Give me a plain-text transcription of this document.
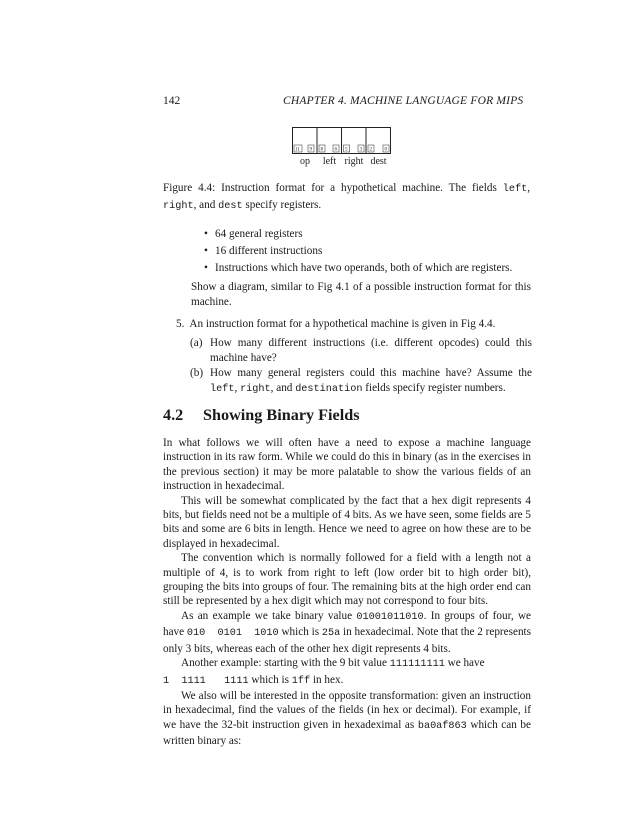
142	CHAPTER 4. MACHINE LANGUAGE FOR MIPS
11 9 8 6 5 3 2	0
op left right dest
Figure 4.4: Instruction format for a hypothetical machine. The fields left,
right, and dest specify registers.
• 64 general registers
• 16 different instructions
• Instructions which have two operands, both of which are registers.
Show a diagram, similar to Fig 4.1 of a possible instruction format for this machine.
5. An instruction format for a hypothetical machine is given in Fig 4.4.
(a) How many different instructions (i.e. different opcodes) could this machine have?
(b) How many general registers could this machine have? Assume the
left, right, and destination fields specify register numbers.
4.2 Showing Binary Fields
In what follows we will often have a need to expose a machine language instruction in its raw form. While we could do this in binary (as in the exercises in the previous section) it may be more palatable to show the various fields of an instruction in hexadecimal.
This will be somewhat complicated by the fact that a hex digit represents 4 bits, but fields need not be a multiple of 4 bits. As we have seen, some fields are 5 bits and some are 6 bits in length. Hence we need to agree on how these are to be displayed in hexadecimal.
The convention which is normally followed for a field with a length not a multiple of 4, is to work from right to left (low order bit to high order bit), grouping the bits into groups of four. The remaining bits at the high order end can still be represented by a hex digit which may not correspond to four bits.
As an example we take binary value 01001011010. In groups of four, we have 010  0101  1010 which is 25a in hexadecimal. Note that the 2 represents only 3 bits, whereas each of the other hex digit represents 4 bits.
Another example: starting with the 9 bit value 111111111 we have
1  1111   1111 which is 1ff in hex.
We also will be interested in the opposite transformation: given an instruction in hexadecimal, find the values of the fields (in hex or decimal). For example, if we have the 32-bit instruction given in hexadeximal as ba0af863 which can be written binary as:
